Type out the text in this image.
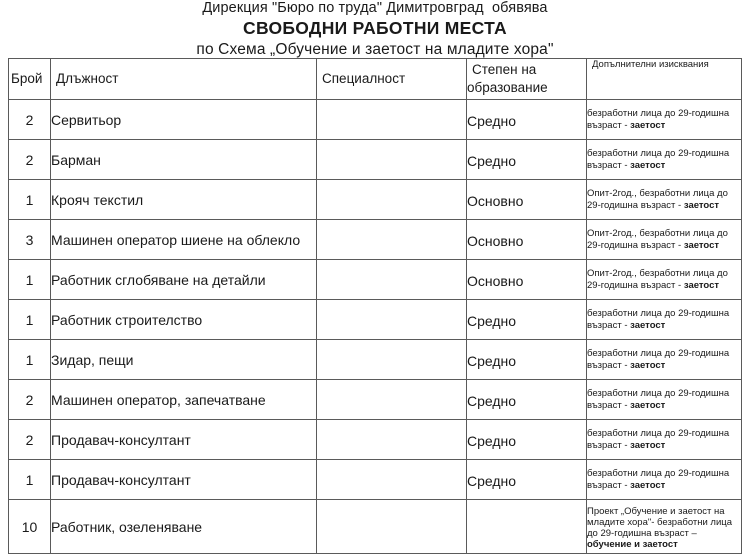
Дирекция "Бюро по труда" Димитровград  обявява

СВОБОДНИ РАБОТНИ МЕСТА

по Схема „Обучение и заетост на младите хора"

Брой	Длъжност	Специалност	Степен на образование	$^{Допълнителни изисквания}$
2	Сервитьор		Средно	безработни лица до 29-годишна възраст - заетост

2	Барман		Средно	безработни лица до 29-годишна възраст - заетост

1	Крояч текстил		Основно	Опит-2год., безработни лица до 29-годишна възраст - заетост

3	Машинен оператор шиене на облекло		Основно	Опит-2год., безработни лица до 29-годишна възраст - заетост

1	Работник сглобяване на детайли		Основно	Опит-2год., безработни лица до 29-годишна възраст - заетост

1	Работник строителство		Средно	безработни лица до 29-годишна възраст - заетост

1	Зидар, пещи		Средно	безработни лица до 29-годишна възраст - заетост

2	Машинен оператор, запечатване		Средно	безработни лица до 29-годишна възраст - заетост

2	Продавач-консултант		Средно	безработни лица до 29-годишна възраст - заетост

1	Продавач-консултант		Средно	безработни лица до 29-годишна възраст - заетост

10	Работник, озеленяване			Проект „Обучение и заетост на младите хора"- безработни лица до 29-годишна възраст – обучение и заетост
